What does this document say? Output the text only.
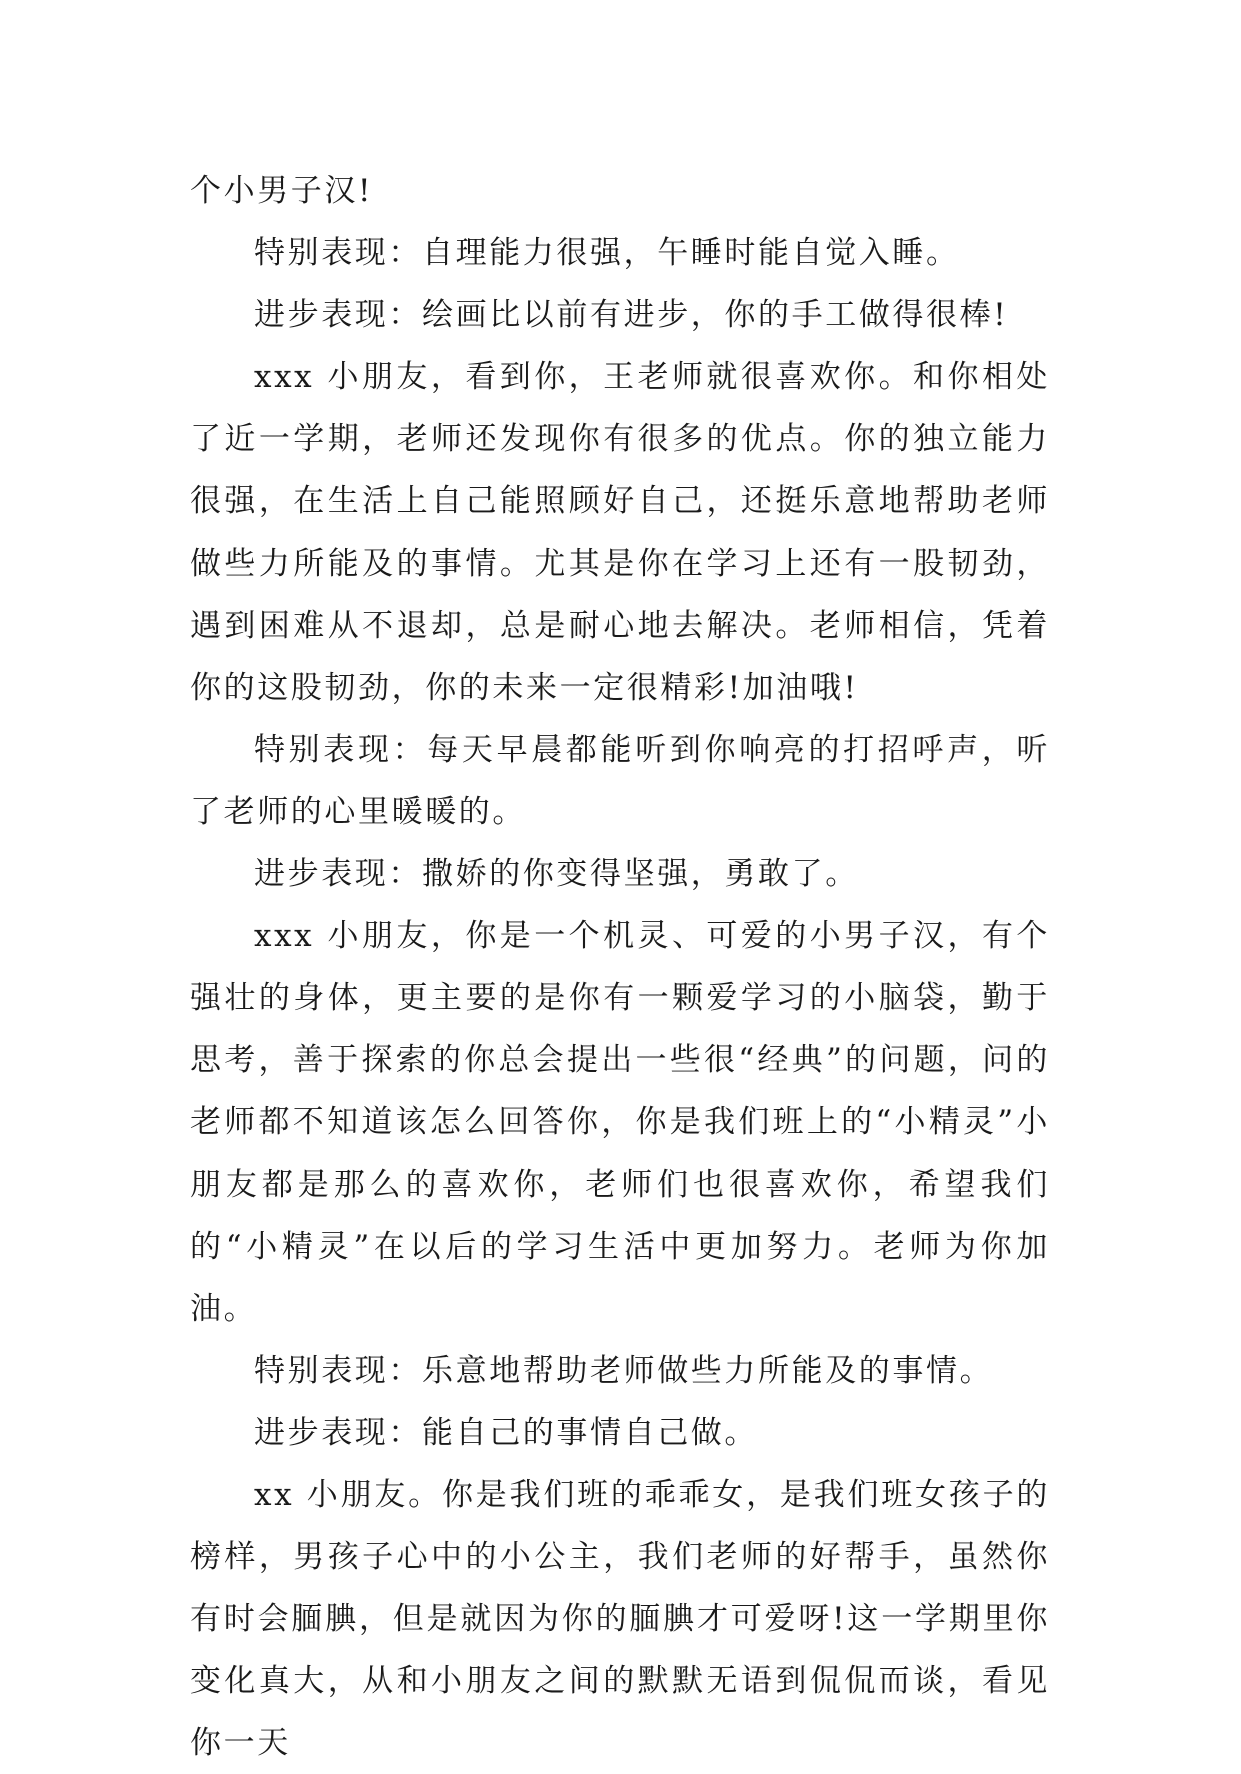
个小男子汉!

特别表现：自理能力很强，午睡时能自觉入睡。

进步表现：绘画比以前有进步，你的手工做得很棒!

xxx 小朋友，看到你，王老师就很喜欢你。和你相处了近一学期，老师还发现你有很多的优点。你的独立能力很强，在生活上自己能照顾好自己，还挺乐意地帮助老师做些力所能及的事情。尤其是你在学习上还有一股韧劲，遇到困难从不退却，总是耐心地去解决。老师相信，凭着你的这股韧劲，你的未来一定很精彩!加油哦!

特别表现：每天早晨都能听到你响亮的打招呼声，听了老师的心里暖暖的。

进步表现：撒娇的你变得坚强，勇敢了。

xxx 小朋友，你是一个机灵、可爱的小男子汉，有个强壮的身体，更主要的是你有一颗爱学习的小脑袋，勤于思考，善于探索的你总会提出一些很“经典”的问题，问的老师都不知道该怎么回答你，你是我们班上的“小精灵”小朋友都是那么的喜欢你，老师们也很喜欢你，希望我们的“小精灵”在以后的学习生活中更加努力。老师为你加油。

特别表现：乐意地帮助老师做些力所能及的事情。

进步表现：能自己的事情自己做。

xx 小朋友。你是我们班的乖乖女，是我们班女孩子的榜样，男孩子心中的小公主，我们老师的好帮手，虽然你有时会腼腆，但是就因为你的腼腆才可爱呀!这一学期里你变化真大，从和小朋友之间的默默无语到侃侃而谈，看见你一天
